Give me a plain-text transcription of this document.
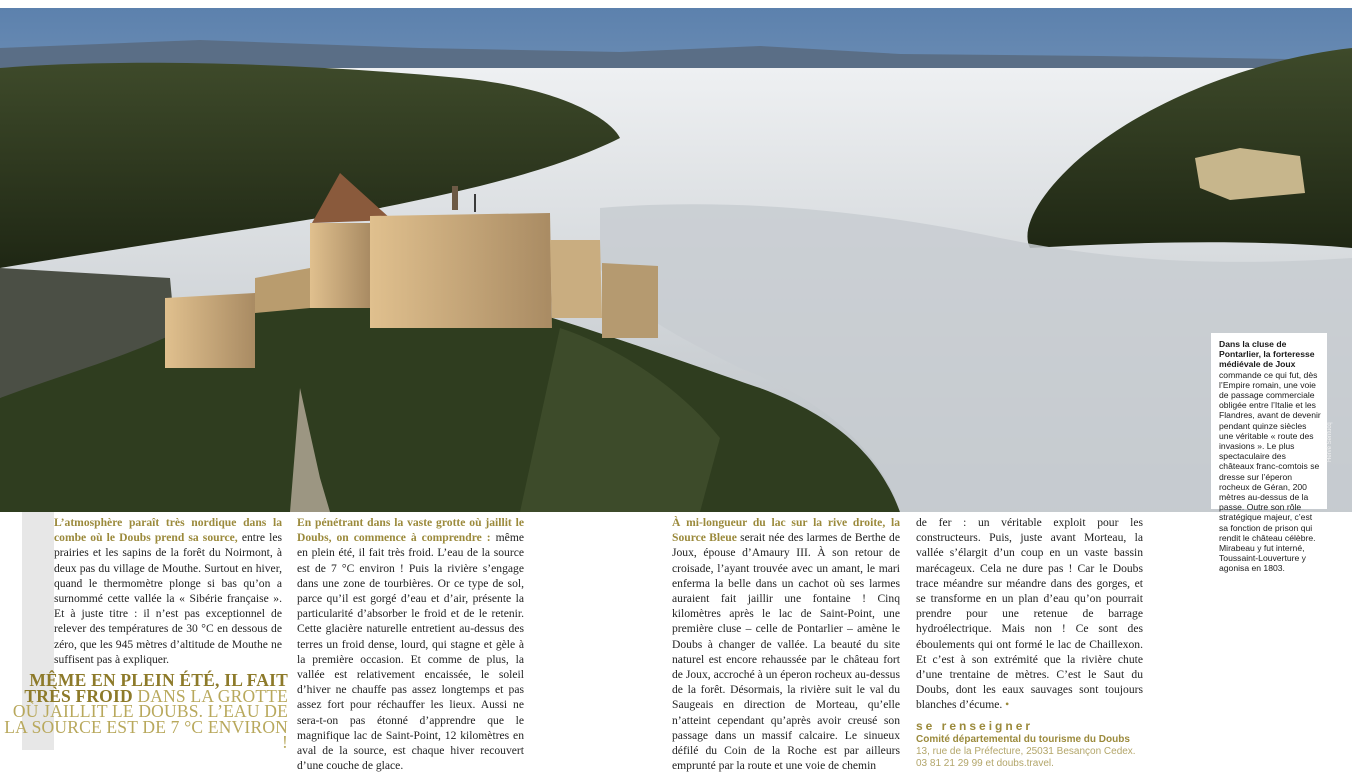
Dans la cluse de Pontarlier, la forteresse médiévale de Joux commande ce qui fut, dès l’Empire romain, une voie de passage commerciale obligée entre l’Italie et les Flandres, avant de devenir pendant quinze siècles une véritable « route des invasions ». Le plus spectaculaire des châteaux franc-comtois se dresse sur l’éperon rocheux de Géran, 200 mètres au-dessus de la passe. Outre son rôle stratégique majeur, c’est sa fonction de prison qui rendit le château célèbre. Mirabeau y fut interné, Toussaint-Louverture y agonisa en 1803.
Hervé Sentucq
L’atmosphère paraît très nordique dans la combe où le Doubs prend sa source, entre les prairies et les sapins de la forêt du Noirmont, à deux pas du village de Mouthe. Surtout en hiver, quand le thermomètre plonge si bas qu’on a surnommé cette vallée la « Sibérie française ». Et à juste titre : il n’est pas exceptionnel de relever des températures de 30 °C en dessous de zéro, que les 945 mètres d’altitude de Mouthe ne suffisent pas à expliquer.
MÊME EN PLEIN ÉTÉ, IL FAIT TRÈS FROID DANS LA GROTTE OÙ JAILLIT LE DOUBS. L’EAU DE LA SOURCE EST DE 7 °C ENVIRON !
En pénétrant dans la vaste grotte où jaillit le Doubs, on commence à comprendre : même en plein été, il fait très froid. L’eau de la source est de 7 °C environ ! Puis la rivière s’engage dans une zone de tourbières. Or ce type de sol, parce qu’il est gorgé d’eau et d’air, présente la particularité d’absorber le froid et de le retenir. Cette glacière naturelle entretient au-dessus des terres un froid dense, lourd, qui stagne et gèle à la première occasion. Et comme de plus, la vallée est relativement encaissée, le soleil d’hiver ne chauffe pas assez longtemps et pas assez fort pour réchauffer les lieux. Aussi ne sera-t-on pas étonné d’apprendre que le magnifique lac de Saint-Point, 12 kilomètres en aval de la source, est chaque hiver recouvert d’une couche de glace.
À mi-longueur du lac sur la rive droite, la Source Bleue serait née des larmes de Berthe de Joux, épouse d’Amaury III. À son retour de croisade, l’ayant trouvée avec un amant, le mari enferma la belle dans un cachot où ses larmes auraient fait jaillir une fontaine ! Cinq kilomètres après le lac de Saint-Point, une première cluse – celle de Pontarlier – amène le Doubs à changer de vallée. La beauté du site naturel est encore rehaussée par le château fort de Joux, accroché à un éperon rocheux au-dessus de la forêt. Désormais, la rivière suit le val du Saugeais en direction de Morteau, qu’elle n’atteint cependant qu’après avoir creusé son passage dans un massif calcaire. Le sinueux défilé du Coin de la Roche est par ailleurs emprunté par la route et une voie de chemin
de fer : un véritable exploit pour les constructeurs. Puis, juste avant Morteau, la vallée s’élargit d’un coup en un vaste bassin marécageux. Cela ne dure pas ! Car le Doubs trace méandre sur méandre dans des gorges, et se transforme en un plan d’eau qu’on pourrait prendre pour une retenue de barrage hydroélectrique. Mais non ! Ce sont des éboulements qui ont formé le lac de Chaillexon. Et c’est à son extrémité que la rivière chute d’une trentaine de mètres. C’est le Saut du Doubs, dont les eaux sauvages sont toujours blanches d’écume. •
se renseigner
Comité départemental du tourisme du Doubs
13, rue de la Préfecture, 25031 Besançon Cedex.
03 81 21 29 99 et doubs.travel.
